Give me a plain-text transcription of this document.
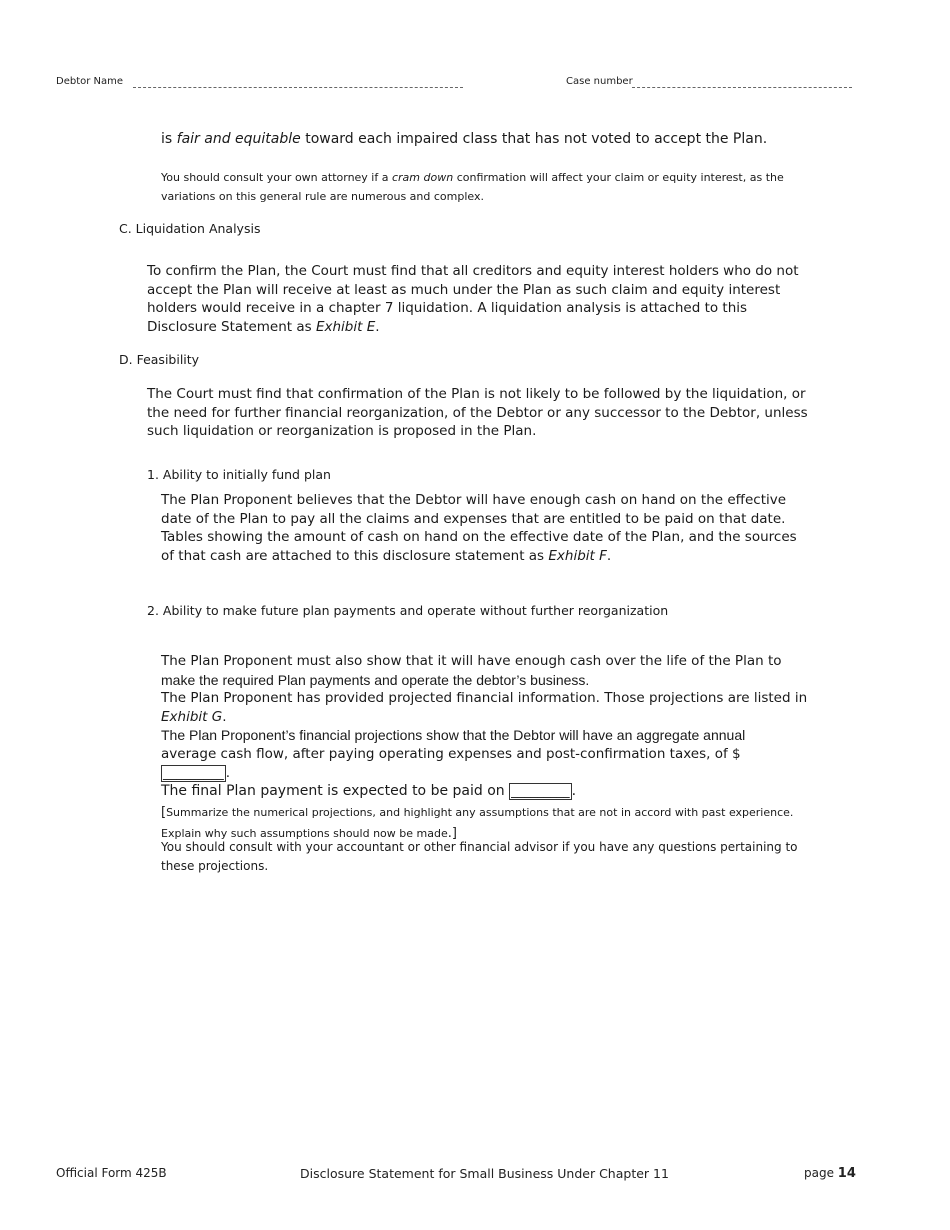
Debtor Name	Case number
is fair and equitable toward each impaired class that has not voted to accept the Plan.
You should consult your own attorney if a cram down confirmation will affect your claim or equity interest, as the variations on this general rule are numerous and complex.
C. Liquidation Analysis
To confirm the Plan, the Court must find that all creditors and equity interest holders who do not accept the Plan will receive at least as much under the Plan as such claim and equity interest holders would receive in a chapter 7 liquidation. A liquidation analysis is attached to this Disclosure Statement as Exhibit E.
D. Feasibility
The Court must find that confirmation of the Plan is not likely to be followed by the liquidation, or the need for further financial reorganization, of the Debtor or any successor to the Debtor, unless such liquidation or reorganization is proposed in the Plan.
1. Ability to initially fund plan
The Plan Proponent believes that the Debtor will have enough cash on hand on the effective date of the Plan to pay all the claims and expenses that are entitled to be paid on that date. Tables showing the amount of cash on hand on the effective date of the Plan, and the sources of that cash are attached to this disclosure statement as Exhibit F.
2. Ability to make future plan payments and operate without further reorganization
The Plan Proponent must also show that it will have enough cash over the life of the Plan to
make the required Plan payments and operate the debtor’s business.
The Plan Proponent has provided projected financial information. Those projections are listed in Exhibit G.
The Plan Proponent’s financial projections show that the Debtor will have an aggregate annual
average cash flow, after paying operating expenses and post-confirmation taxes, of $
_________ .
The final Plan payment is expected to be paid on _________ .
[Summarize the numerical projections, and highlight any assumptions that are not in accord with past experience. Explain why such assumptions should now be made.]
You should consult with your accountant or other financial advisor if you have any questions pertaining to these projections.
Official Form 425B	Disclosure Statement for Small Business Under Chapter 11	page 14
